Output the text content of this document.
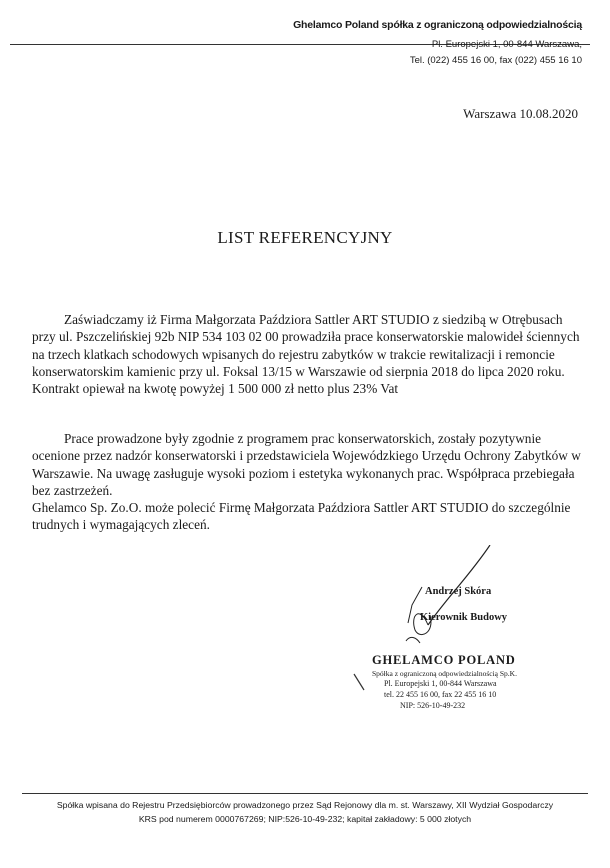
Ghelamco Poland spółka z ograniczoną odpowiedzialnością
Pl. Europejski 1, 00-844 Warszawa,
Tel. (022) 455 16 00, fax (022) 455 16 10
Warszawa 10.08.2020
LIST REFERENCYJNY

Zaświadczamy iż Firma Małgorzata Paździora Sattler ART STUDIO z siedzibą w Otrębusach przy ul. Pszczelińskiej 92b NIP 534 103 02 00 prowadziła prace konserwatorskie malowideł ściennych na trzech klatkach schodowych wpisanych do rejestru zabytków w trakcie rewitalizacji i remoncie konserwatorskim kamienic przy ul. Foksal 13/15 w Warszawie od sierpnia 2018 do lipca 2020 roku.

Kontrakt opiewał na kwotę powyżej 1 500 000 zł netto plus 23% Vat

Prace prowadzone były zgodnie z programem prac konserwatorskich, zostały pozytywnie ocenione przez nadzór konserwatorski i przedstawiciela Wojewódzkiego Urzędu Ochrony Zabytków w Warszawie. Na uwagę zasługuje wysoki poziom i estetyka wykonanych prac. Współpraca przebiegała bez zastrzeżeń.

Ghelamco Sp. Zo.O. może polecić Firmę Małgorzata Paździora Sattler ART STUDIO do szczególnie trudnych i wymagających zleceń.

Andrzej Skóra
Kierownik Budowy
GHELAMCO POLAND
Spółka z ograniczoną odpowiedzialnością Sp.K.
Pl. Europejski 1, 00-844 Warszawa
tel. 22 455 16 00, fax 22 455 16 10
NIP: 526-10-49-232
Spółka wpisana do Rejestru Przedsiębiorców prowadzonego przez Sąd Rejonowy dla m. st. Warszawy, XII Wydział Gospodarczy
KRS pod numerem 0000767269; NIP:526-10-49-232; kapitał zakładowy: 5 000 złotych
